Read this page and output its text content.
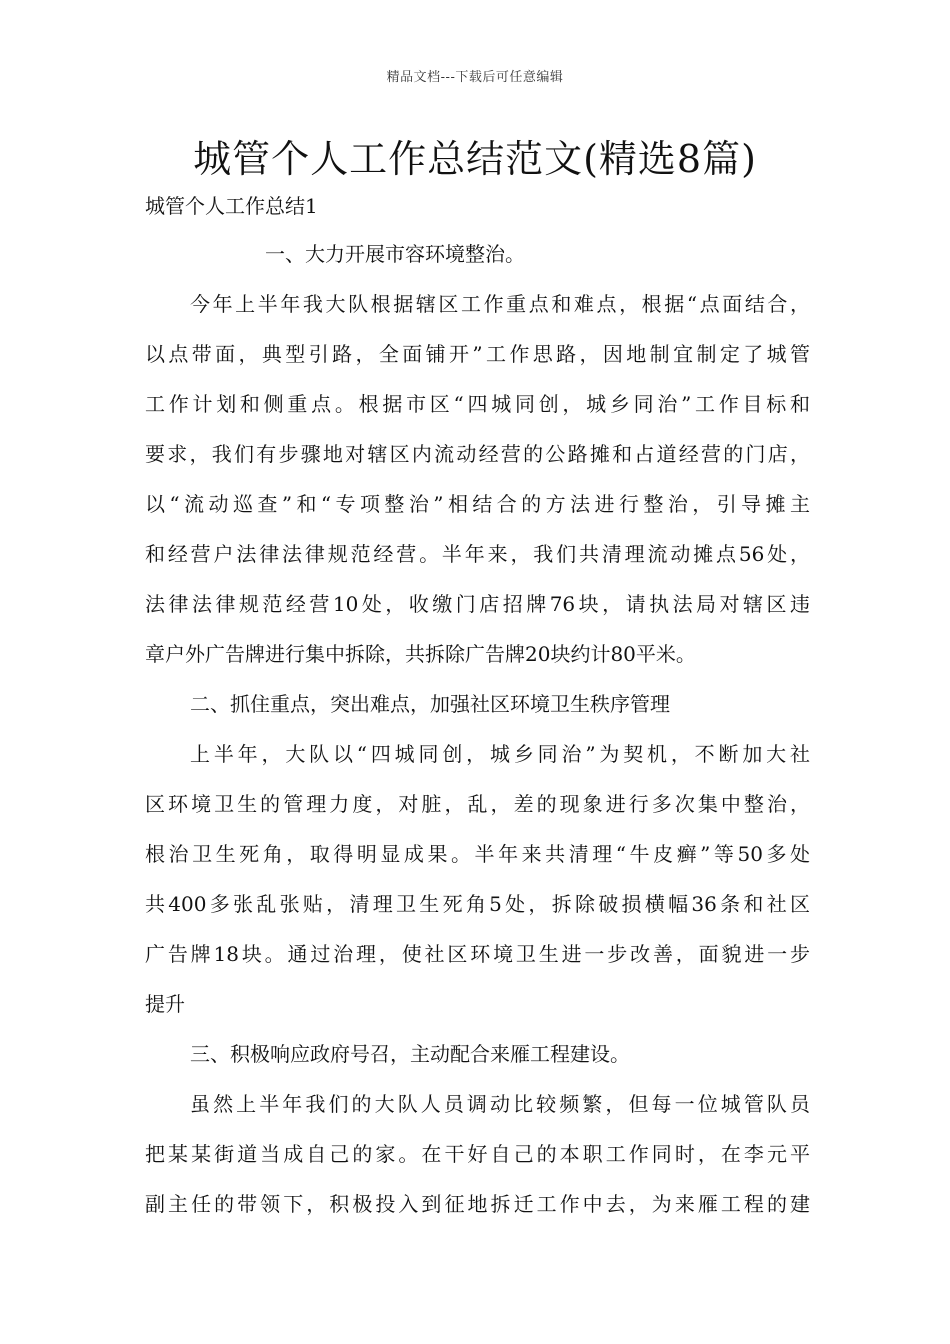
精品文档---下载后可任意编辑
城管个人工作总结范文(精选8篇)
城管个人工作总结1
一、大力开展市容环境整治。
今年上半年我大队根据辖区工作重点和难点，根据“点面结合，
以点带面，典型引路，全面铺开”工作思路，因地制宜制定了城管
工作计划和侧重点。根据市区“四城同创，城乡同治”工作目标和
要求，我们有步骤地对辖区内流动经营的公路摊和占道经营的门店，
以“流动巡查”和“专项整治”相结合的方法进行整治，引导摊主
和经营户法律法律规范经营。半年来，我们共清理流动摊点56处，
法律法律规范经营10处，收缴门店招牌76块，请执法局对辖区违
章户外广告牌进行集中拆除，共拆除广告牌20块约计80平米。
二、抓住重点，突出难点，加强社区环境卫生秩序管理
上半年，大队以“四城同创，城乡同治”为契机，不断加大社
区环境卫生的管理力度，对脏，乱，差的现象进行多次集中整治，
根治卫生死角，取得明显成果。半年来共清理“牛皮癣”等50多处
共400多张乱张贴，清理卫生死角5处，拆除破损横幅36条和社区
广告牌18块。通过治理，使社区环境卫生进一步改善，面貌进一步
提升
三、积极响应政府号召，主动配合来雁工程建设。
虽然上半年我们的大队人员调动比较频繁，但每一位城管队员
把某某街道当成自己的家。在干好自己的本职工作同时，在李元平
副主任的带领下，积极投入到征地拆迁工作中去，为来雁工程的建
